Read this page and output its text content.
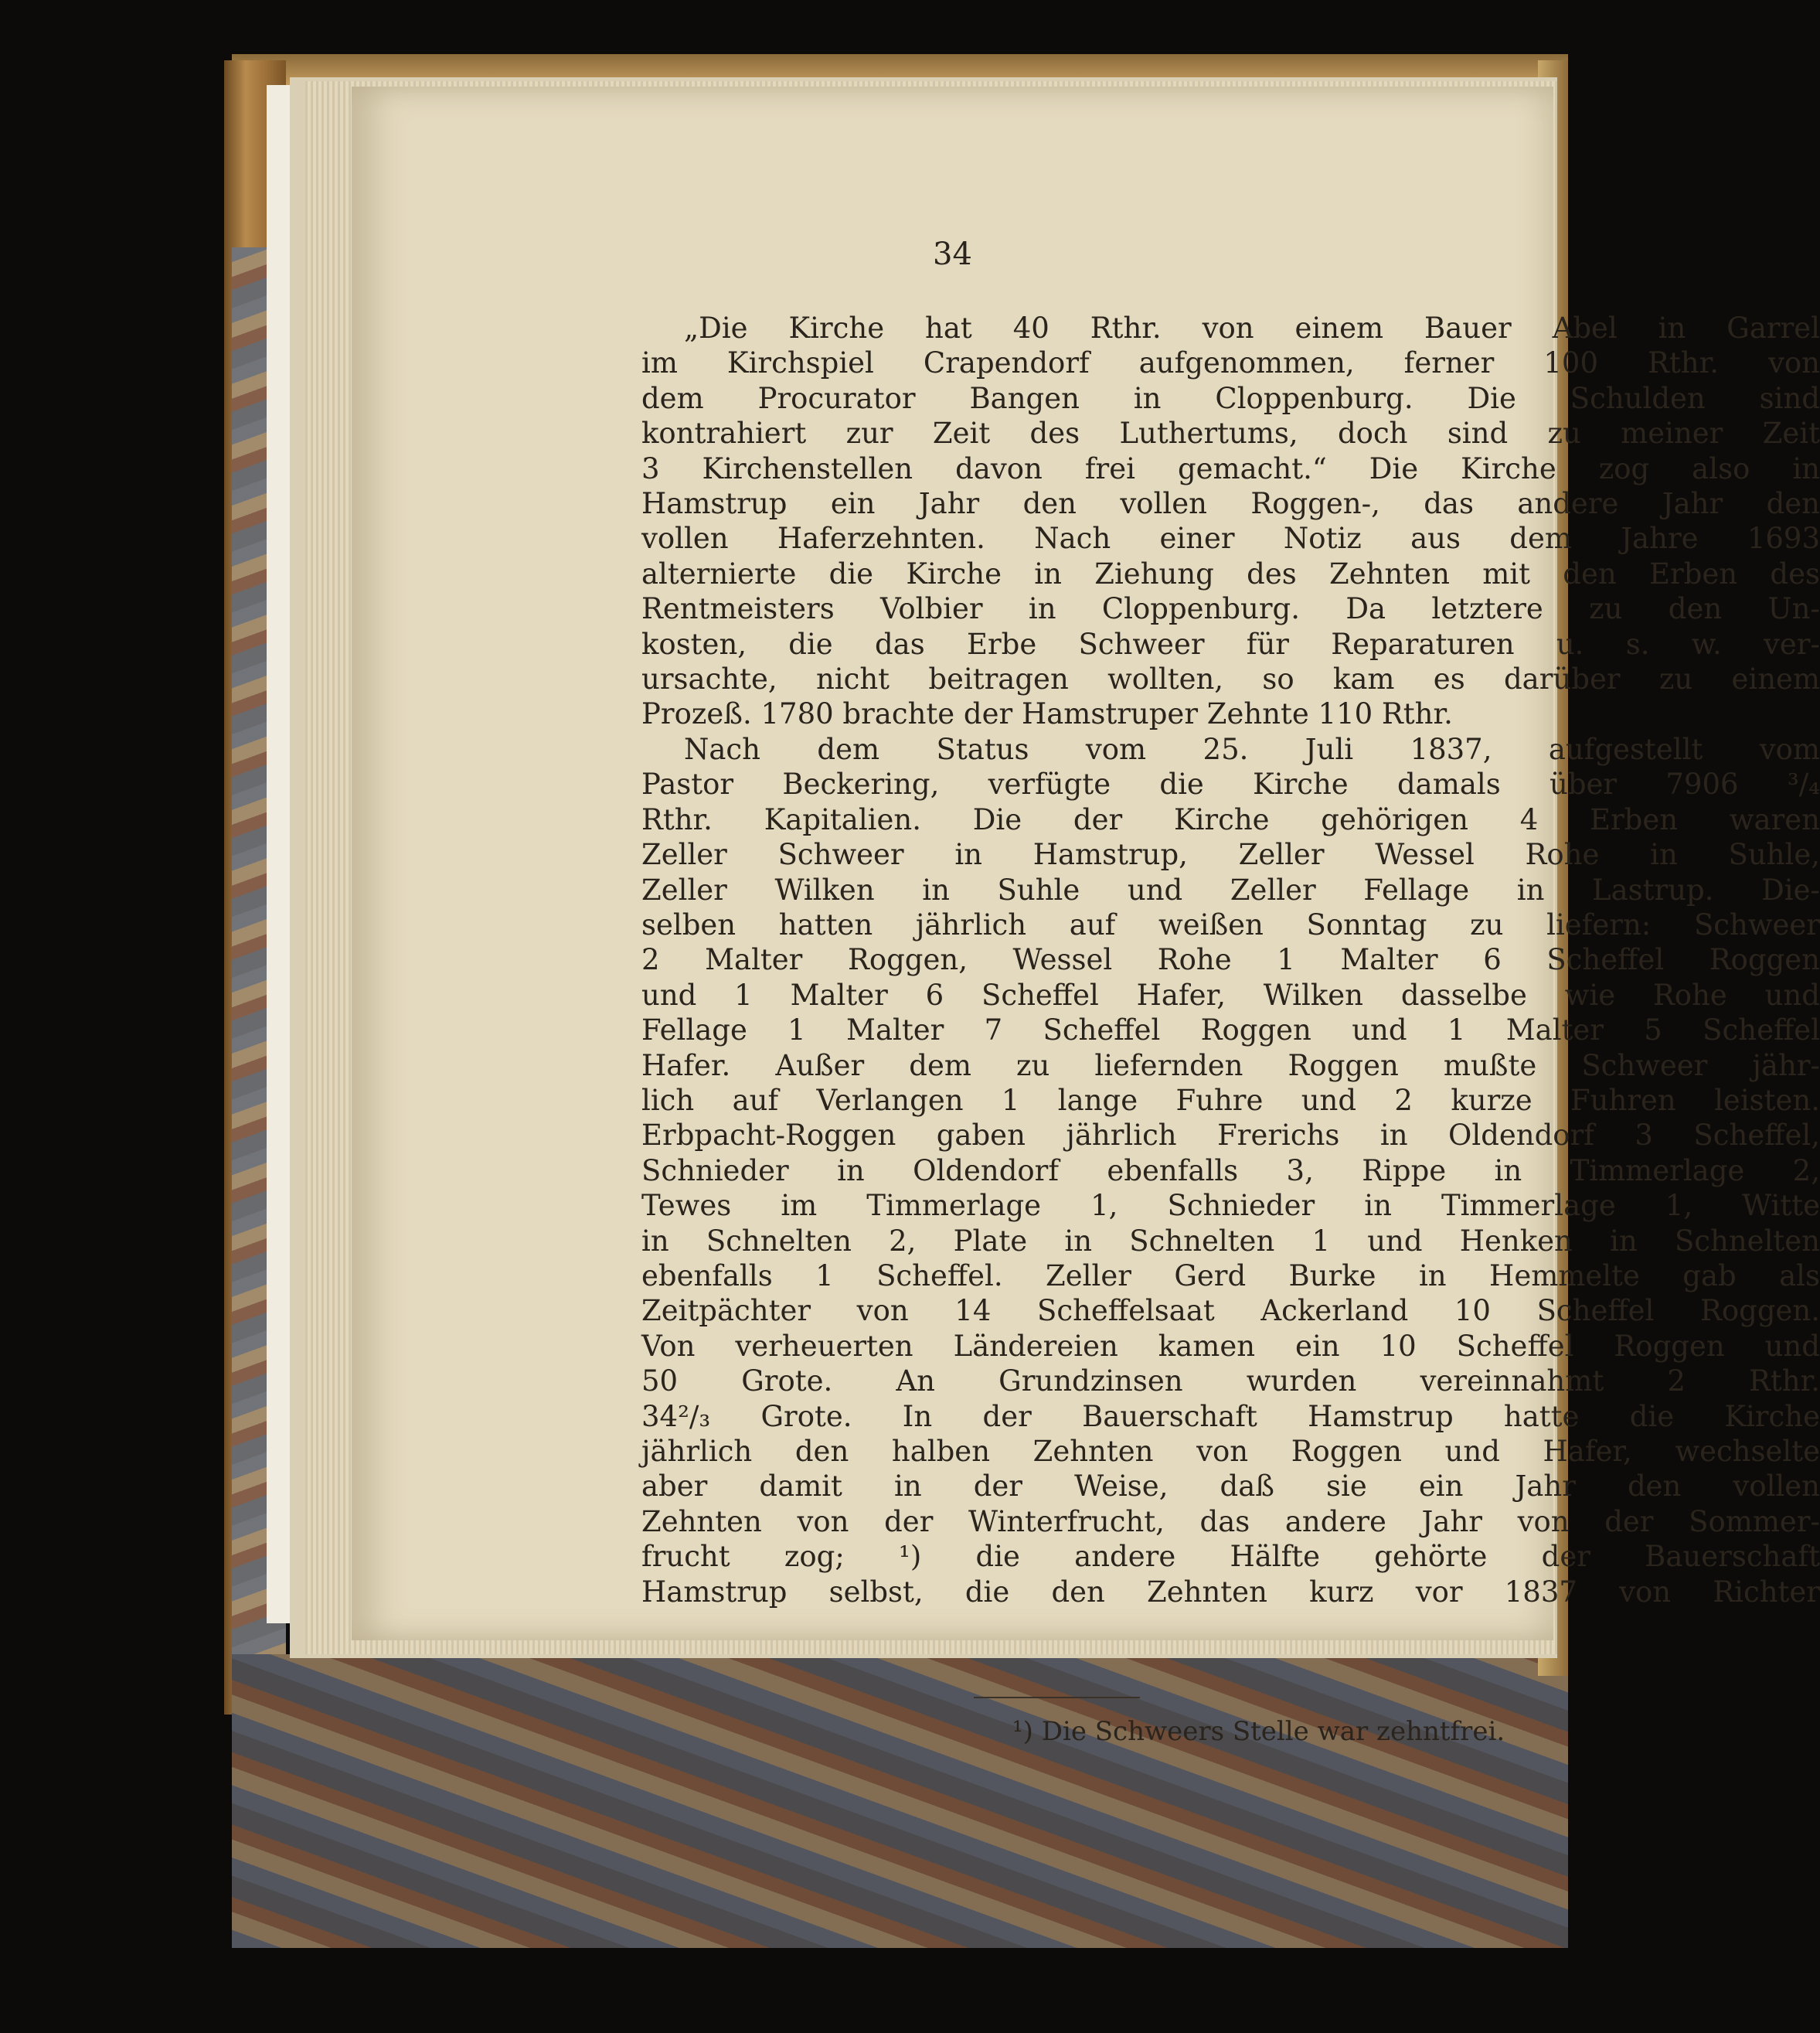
34

„Die Kirche hat 40 Rthr. von einem Bauer Abel in Garrel

im Kirchspiel Crapendorf aufgenommen, ferner 100 Rthr. von

dem Procurator Bangen in Cloppenburg. Die Schulden sind

kontrahiert zur Zeit des Luthertums, doch sind zu meiner Zeit

3 Kirchenstellen davon frei gemacht.“ Die Kirche zog also in

Hamstrup ein Jahr den vollen Roggen-, das andere Jahr den

vollen Haferzehnten. Nach einer Notiz aus dem Jahre 1693

alternierte die Kirche in Ziehung des Zehnten mit den Erben des

Rentmeisters Volbier in Cloppenburg. Da letztere zu den Un-

kosten, die das Erbe Schweer für Reparaturen u. s. w. ver-

ursachte, nicht beitragen wollten, so kam es darüber zu einem

Prozeß. 1780 brachte der Hamstruper Zehnte 110 Rthr.

Nach dem Status vom 25. Juli 1837, aufgestellt vom

Pastor Beckering, verfügte die Kirche damals über 7906 ³/₄

Rthr. Kapitalien. Die der Kirche gehörigen 4 Erben waren

Zeller Schweer in Hamstrup, Zeller Wessel Rohe in Suhle,

Zeller Wilken in Suhle und Zeller Fellage in Lastrup. Die-

selben hatten jährlich auf weißen Sonntag zu liefern: Schweer

2 Malter Roggen, Wessel Rohe 1 Malter 6 Scheffel Roggen

und 1 Malter 6 Scheffel Hafer, Wilken dasselbe wie Rohe und

Fellage 1 Malter 7 Scheffel Roggen und 1 Malter 5 Scheffel

Hafer. Außer dem zu liefernden Roggen mußte Schweer jähr-

lich auf Verlangen 1 lange Fuhre und 2 kurze Fuhren leisten.

Erbpacht-Roggen gaben jährlich Frerichs in Oldendorf 3 Scheffel,

Schnieder in Oldendorf ebenfalls 3, Rippe in Timmerlage 2,

Tewes im Timmerlage 1, Schnieder in Timmerlage 1, Witte

in Schnelten 2, Plate in Schnelten 1 und Henken in Schnelten

ebenfalls 1 Scheffel. Zeller Gerd Burke in Hemmelte gab als

Zeitpächter von 14 Scheffelsaat Ackerland 10 Scheffel Roggen.

Von verheuerten Ländereien kamen ein 10 Scheffel Roggen und

50 Grote. An Grundzinsen wurden vereinnahmt 2 Rthr.

34²/₃ Grote. In der Bauerschaft Hamstrup hatte die Kirche

jährlich den halben Zehnten von Roggen und Hafer, wechselte

aber damit in der Weise, daß sie ein Jahr den vollen

Zehnten von der Winterfrucht, das andere Jahr von der Sommer-

frucht zog; ¹) die andere Hälfte gehörte der Bauerschaft

Hamstrup selbst, die den Zehnten kurz vor 1837 von Richter

¹) Die Schweers Stelle war zehntfrei.
